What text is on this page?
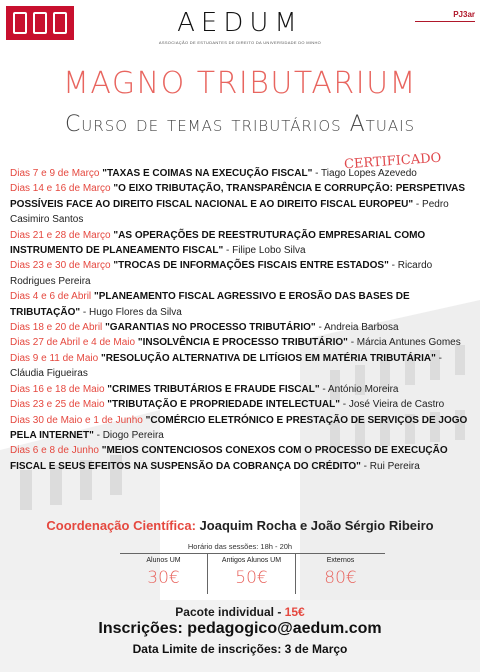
AEDUM
ASSOCIAÇÃO DE ESTUDANTES DE DIREITO DA UNIVERSIDADE DO MINHO
PJ3ar
MAGNO TRIBUTARIUM
Curso de temas tributários Atuais
CERTIFICADO

Dias 7 e 9 de Março "TAXAS E COIMAS NA EXECUÇÃO FISCAL" - Tiago Lopes Azevedo

Dias 14 e 16 de Março "O EIXO TRIBUTAÇÃO, TRANSPARÊNCIA E CORRUPÇÃO: PERSPETIVAS POSSÍVEIS FACE AO DIREITO FISCAL NACIONAL E AO DIREITO FISCAL EUROPEU" - Pedro Casimiro Santos

Dias 21 e 28 de Março "AS OPERAÇÕES DE REESTRUTURAÇÃO EMPRESARIAL COMO INSTRUMENTO DE PLANEAMENTO FISCAL" - Filipe Lobo Silva

Dias 23 e 30 de Março "TROCAS DE INFORMAÇÕES FISCAIS ENTRE ESTADOS" - Ricardo Rodrigues Pereira

Dias 4 e 6 de Abril "PLANEAMENTO FISCAL AGRESSIVO E EROSÃO DAS BASES DE TRIBUTAÇÃO" - Hugo Flores da Silva

Dias 18 e 20 de Abril "GARANTIAS NO PROCESSO TRIBUTÁRIO" - Andreia Barbosa

Dias 27 de Abril e 4 de Maio "INSOLVÊNCIA E PROCESSO TRIBUTÁRIO" - Márcia Antunes Gomes

Dias 9 e 11 de Maio "RESOLUÇÃO ALTERNATIVA DE LITÍGIOS EM MATÉRIA TRIBUTÁRIA" -Cláudia Figueiras

Dias 16 e 18 de Maio "CRIMES TRIBUTÁRIOS E FRAUDE FISCAL" - António Moreira

Dias 23 e 25 de Maio "TRIBUTAÇÃO E PROPRIEDADE INTELECTUAL" - José Vieira de Castro

Dias 30 de Maio e 1 de Junho "COMÉRCIO ELETRÓNICO E PRESTAÇÃO DE SERVIÇOS DE JOGO PELA INTERNET" - Diogo Pereira

Dias 6 e 8 de Junho "MEIOS CONTENCIOSOS CONEXOS COM O PROCESSO DE EXECUÇÃO FISCAL E SEUS EFEITOS NA SUSPENSÃO DA COBRANÇA DO CRÉDITO" - Rui Pereira

Coordenação Científica: Joaquim Rocha e João Sérgio Ribeiro
Horário das sessões: 18h - 20h
Alunos UM
30€
Antigos Alunos UM
50€
Externos
80€
Pacote individual - 15€
Inscrições: pedagogico@aedum.com
Data Limite de inscrições: 3 de Março
